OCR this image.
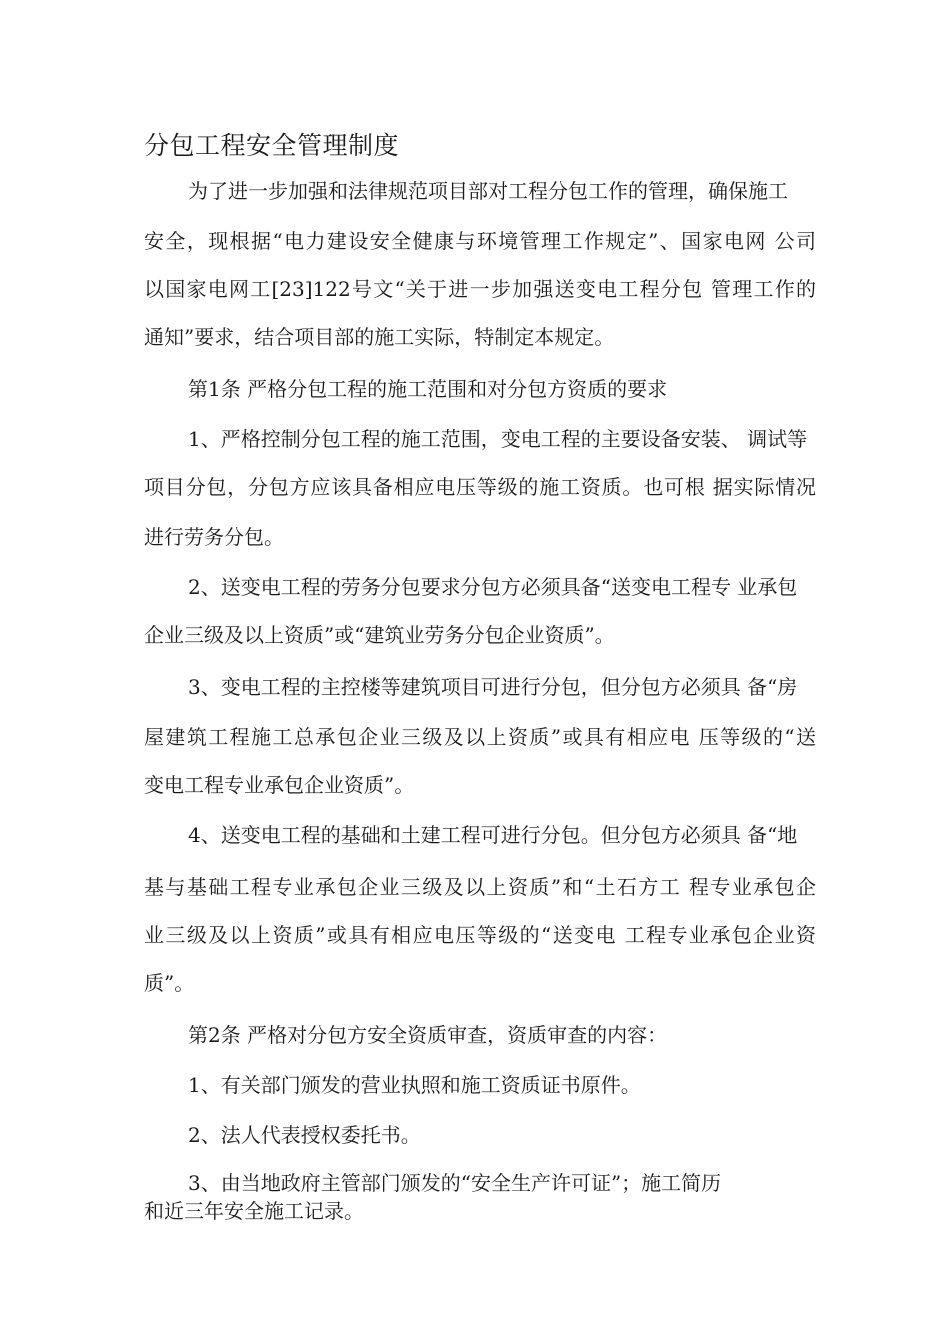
分包工程安全管理制度
为了进一步加强和法律规范项目部对工程分包工作的管理，确保施工
安全，现根据“电力建设安全健康与环境管理工作规定”、国家电网 公司
以国家电网工[23]122号文“关于进一步加强送变电工程分包 管理工作的
通知”要求，结合项目部的施工实际，特制定本规定。
第1条 严格分包工程的施工范围和对分包方资质的要求
1、严格控制分包工程的施工范围，变电工程的主要设备安装、 调试等
项目分包，分包方应该具备相应电压等级的施工资质。也可根 据实际情况
进行劳务分包。
2、送变电工程的劳务分包要求分包方必须具备“送变电工程专 业承包
企业三级及以上资质”或“建筑业劳务分包企业资质”。
3、变电工程的主控楼等建筑项目可进行分包，但分包方必须具 备“房
屋建筑工程施工总承包企业三级及以上资质”或具有相应电 压等级的“送
变电工程专业承包企业资质”。
4、送变电工程的基础和土建工程可进行分包。但分包方必须具 备“地
基与基础工程专业承包企业三级及以上资质”和“土石方工 程专业承包企
业三级及以上资质”或具有相应电压等级的“送变电 工程专业承包企业资
质”。
第2条 严格对分包方安全资质审查，资质审查的内容：
1、有关部门颁发的营业执照和施工资质证书原件。
2、法人代表授权委托书。
3、由当地政府主管部门颁发的“安全生产许可证”；施工简历
和近三年安全施工记录。
